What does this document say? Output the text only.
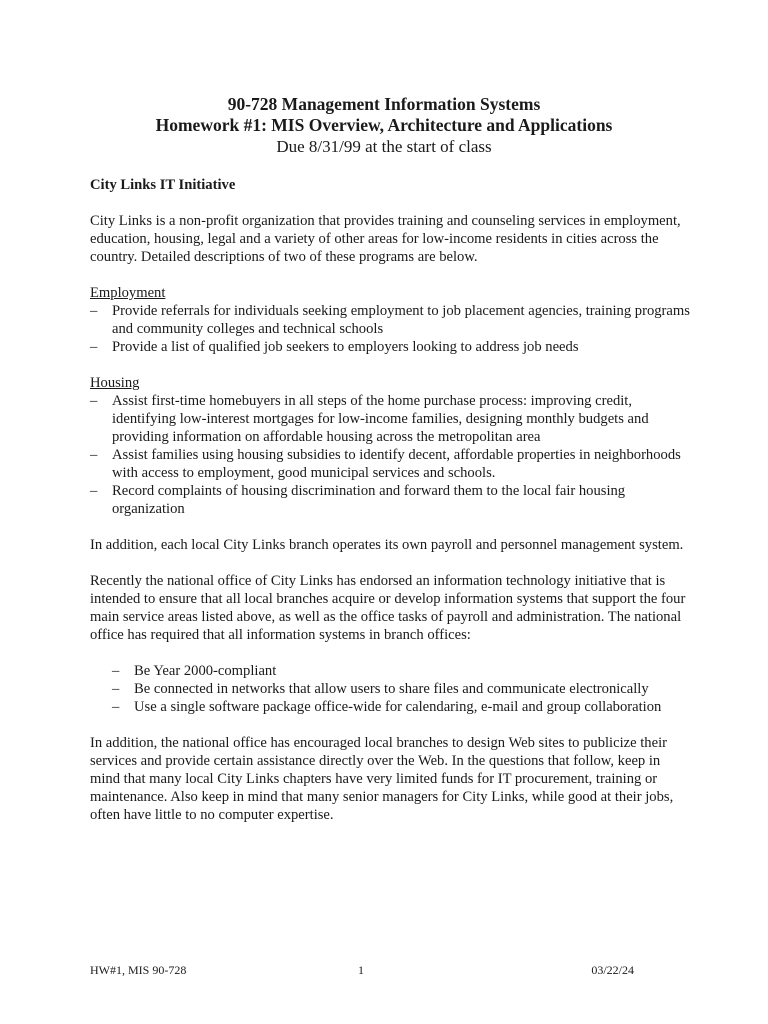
90-728 Management Information Systems
Homework #1: MIS Overview, Architecture and Applications
Due 8/31/99 at the start of class
City Links IT Initiative

City Links is a non-profit organization that provides training and counseling services in employment, education, housing, legal and a variety of other areas for low-income residents in cities across the country. Detailed descriptions of two of these programs are below.

Employment
–	Provide referrals for individuals seeking employment to job placement agencies, training programs and community colleges and technical schools
–	Provide a list of qualified job seekers to employers looking to address job needs
Housing
–	Assist first-time homebuyers in all steps of the home purchase process: improving credit, identifying low-interest mortgages for low-income families, designing monthly budgets and providing information on affordable housing across the metropolitan area
–	Assist families using housing subsidies to identify decent, affordable properties in neighborhoods with access to employment, good municipal services and schools.
–	Record complaints of housing discrimination and forward them to the local fair housing organization

In addition, each local City Links branch operates its own payroll and personnel management system.

Recently the national office of City Links has endorsed an information technology initiative that is intended to ensure that all local branches acquire or develop information systems that support the four main service areas listed above, as well as the office tasks of payroll and administration. The national office has required that all information systems in branch offices:

–	Be Year 2000-compliant
–	Be connected in networks that allow users to share files and communicate electronically
–	Use a single software package office-wide for calendaring, e-mail and group collaboration

In addition, the national office has encouraged local branches to design Web sites to publicize their services and provide certain assistance directly over the Web. In the questions that follow, keep in mind that many local City Links chapters have very limited funds for IT procurement, training or maintenance. Also keep in mind that many senior managers for City Links, while good at their jobs, often have little to no computer expertise.

HW#1, MIS 90-728	1	03/22/24
